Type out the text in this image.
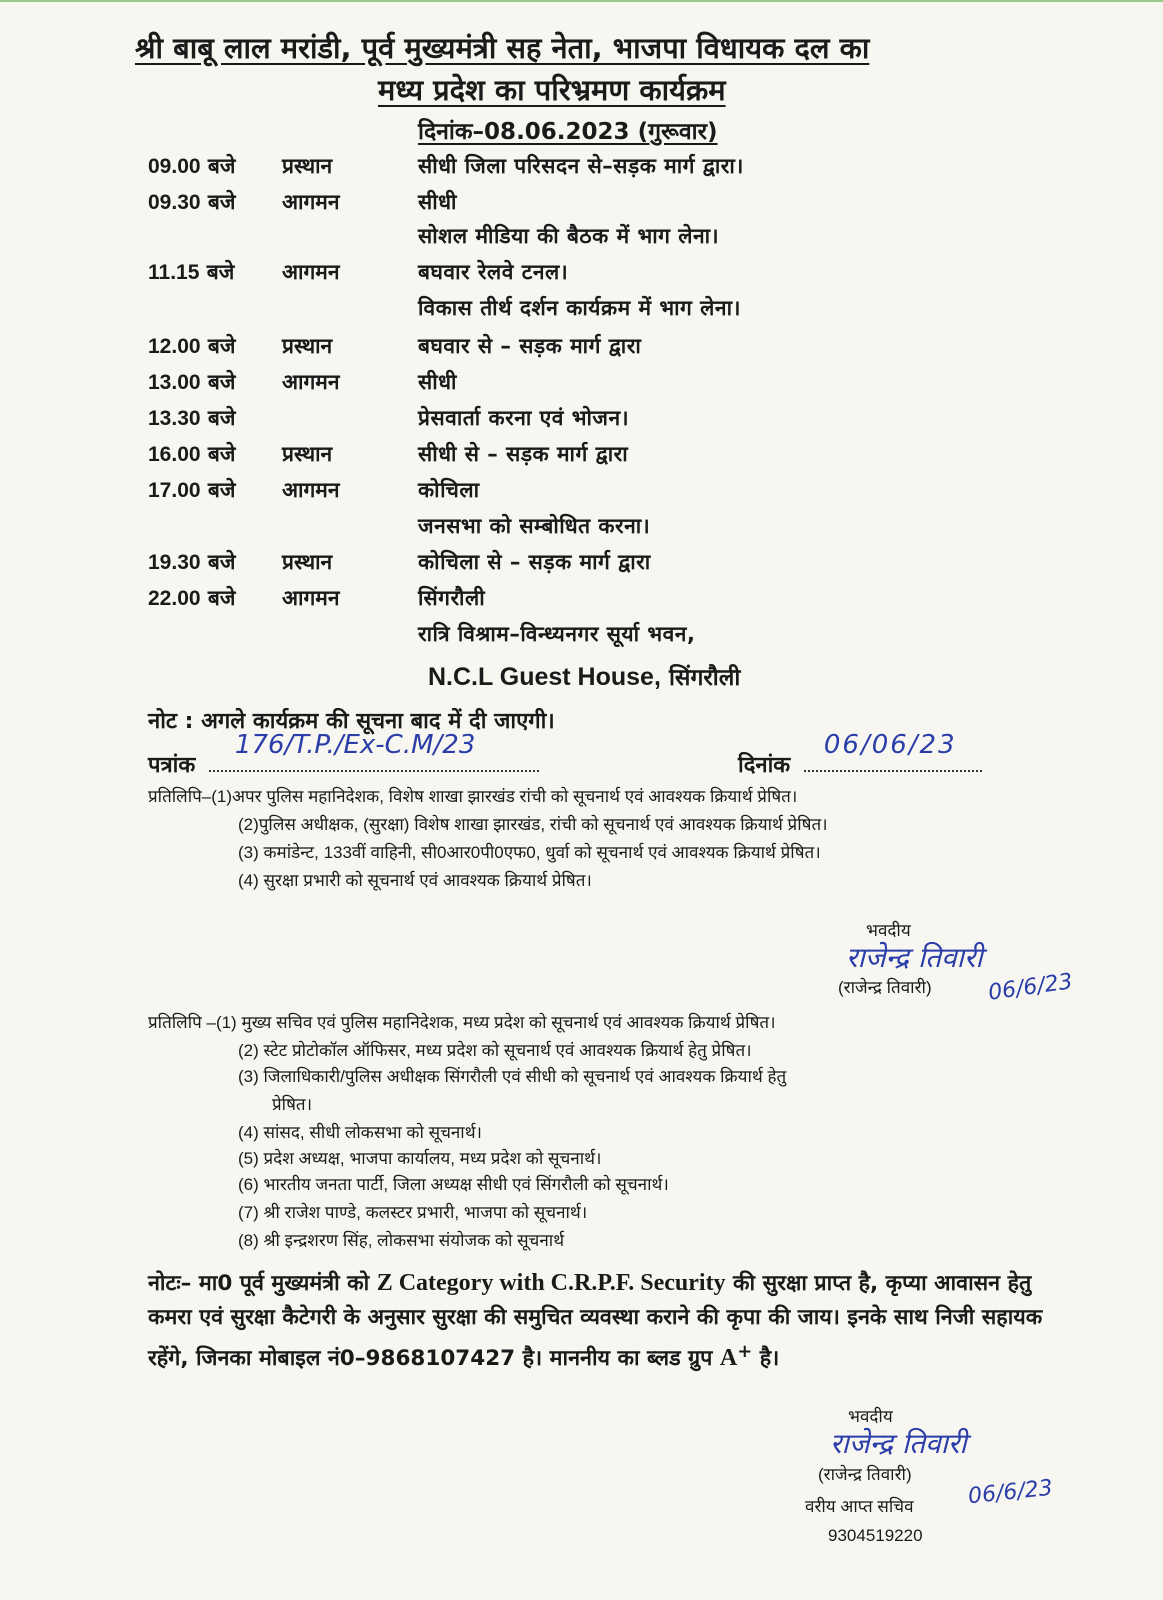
श्री बाबू लाल मरांडी, पूर्व मुख्यमंत्री सह नेता, भाजपा विधायक दल का
मध्य प्रदेश का परिभ्रमण कार्यक्रम
दिनांक–08.06.2023 (गुरूवार)
09.00 बजे प्रस्थान	सीधी जिला परिसदन से–सड़क मार्ग द्वारा।
09.30 बजे आगमन	सीधी
सोशल मीडिया की बैठक में भाग लेना।
11.15 बजे आगमन	बघवार रेलवे टनल।
विकास तीर्थ दर्शन कार्यक्रम में भाग लेना।
12.00 बजे प्रस्थान	बघवार से – सड़क मार्ग द्वारा
13.00 बजे आगमन	सीधी
13.30 बजे	प्रेसवार्ता करना एवं भोजन।
16.00 बजे प्रस्थान	सीधी से – सड़क मार्ग द्वारा
17.00 बजे आगमन	कोचिला
जनसभा को सम्बोधित करना।
19.30 बजे प्रस्थान	कोचिला से – सड़क मार्ग द्वारा
22.00 बजे आगमन	सिंगरौली
रात्रि विश्राम–विन्ध्यनगर सूर्या भवन,
N.C.L Guest House, सिंगरौली
नोट : अगले कार्यक्रम की सूचना बाद में दी जाएगी।
पत्रांक
176/T.P./Ex-C.M/23
दिनांक
06/06/23
प्रतिलिपि–(1)अपर पुलिस महानिदेशक, विशेष शाखा झारखंड रांची को सूचनार्थ एवं आवश्यक क्रियार्थ प्रेषित।
(2)पुलिस अधीक्षक, (सुरक्षा) विशेष शाखा झारखंड, रांची को सूचनार्थ एवं आवश्यक क्रियार्थ प्रेषित।
(3) कमांडेन्ट, 133वीं वाहिनी, सी0आर0पी0एफ0, धुर्वा को सूचनार्थ एवं आवश्यक क्रियार्थ प्रेषित।
(4) सुरक्षा प्रभारी को सूचनार्थ एवं आवश्यक क्रियार्थ प्रेषित।
भवदीय
राजेन्द्र तिवारी
(राजेन्द्र तिवारी)	06/6/23
प्रतिलिपि –(1) मुख्य सचिव एवं पुलिस महानिदेशक, मध्य प्रदेश को सूचनार्थ एवं आवश्यक क्रियार्थ प्रेषित।
(2) स्टेट प्रोटोकॉल ऑफिसर, मध्य प्रदेश को सूचनार्थ एवं आवश्यक क्रियार्थ हेतु प्रेषित।
(3) जिलाधिकारी/पुलिस अधीक्षक सिंगरौली एवं सीधी को सूचनार्थ एवं आवश्यक क्रियार्थ हेतु
प्रेषित।
(4) सांसद, सीधी लोकसभा को सूचनार्थ।
(5) प्रदेश अध्यक्ष, भाजपा कार्यालय, मध्य प्रदेश को सूचनार्थ।
(6) भारतीय जनता पार्टी, जिला अध्यक्ष सीधी एवं सिंगरौली को सूचनार्थ।
(7) श्री राजेश पाण्डे, कलस्टर प्रभारी, भाजपा को सूचनार्थ।
(8) श्री इन्द्रशरण सिंह, लोकसभा संयोजक को सूचनार्थ
नोटः– मा0 पूर्व मुख्यमंत्री को Z Category with C.R.P.F. Security की सुरक्षा प्राप्त है, कृप्या आवासन हेतु कमरा एवं सुरक्षा कैटेगरी के अनुसार सुरक्षा की समुचित व्यवस्था कराने की कृपा की जाय। इनके साथ निजी सहायक रहेंगे, जिनका मोबाइल नं0–9868107427 है। माननीय का ब्लड ग्रुप A+ है।
भवदीय
राजेन्द्र तिवारी
(राजेन्द्र तिवारी)
वरीय आप्त सचिव 06/6/23
9304519220
